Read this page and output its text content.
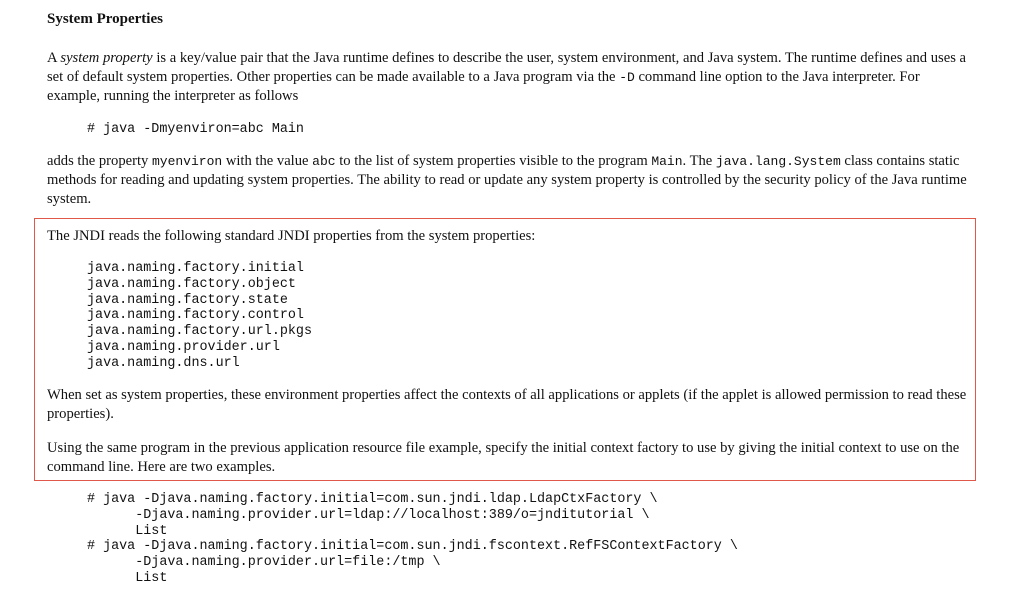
System Properties

A system property is a key/value pair that the Java runtime defines to describe the user, system environment, and Java system. The runtime defines and uses a set of default system properties. Other properties can be made available to a Java program via the -D command line option to the Java interpreter. For example, running the interpreter as follows

# java -Dmyenviron=abc Main

adds the property myenviron with the value abc to the list of system properties visible to the program Main. The java.lang.System class contains static methods for reading and updating system properties. The ability to read or update any system property is controlled by the security policy of the Java runtime system.

The JNDI reads the following standard JNDI properties from the system properties:

java.naming.factory.initial
java.naming.factory.object
java.naming.factory.state
java.naming.factory.control
java.naming.factory.url.pkgs
java.naming.provider.url
java.naming.dns.url

When set as system properties, these environment properties affect the contexts of all applications or applets (if the applet is allowed permission to read these properties).

Using the same program in the previous application resource file example, specify the initial context factory to use by giving the initial context to use on the command line. Here are two examples.

# java -Djava.naming.factory.initial=com.sun.jndi.ldap.LdapCtxFactory \
-Djava.naming.provider.url=ldap://localhost:389/o=jnditutorial \
List
# java -Djava.naming.factory.initial=com.sun.jndi.fscontext.RefFSContextFactory \
-Djava.naming.provider.url=file:/tmp \
List
